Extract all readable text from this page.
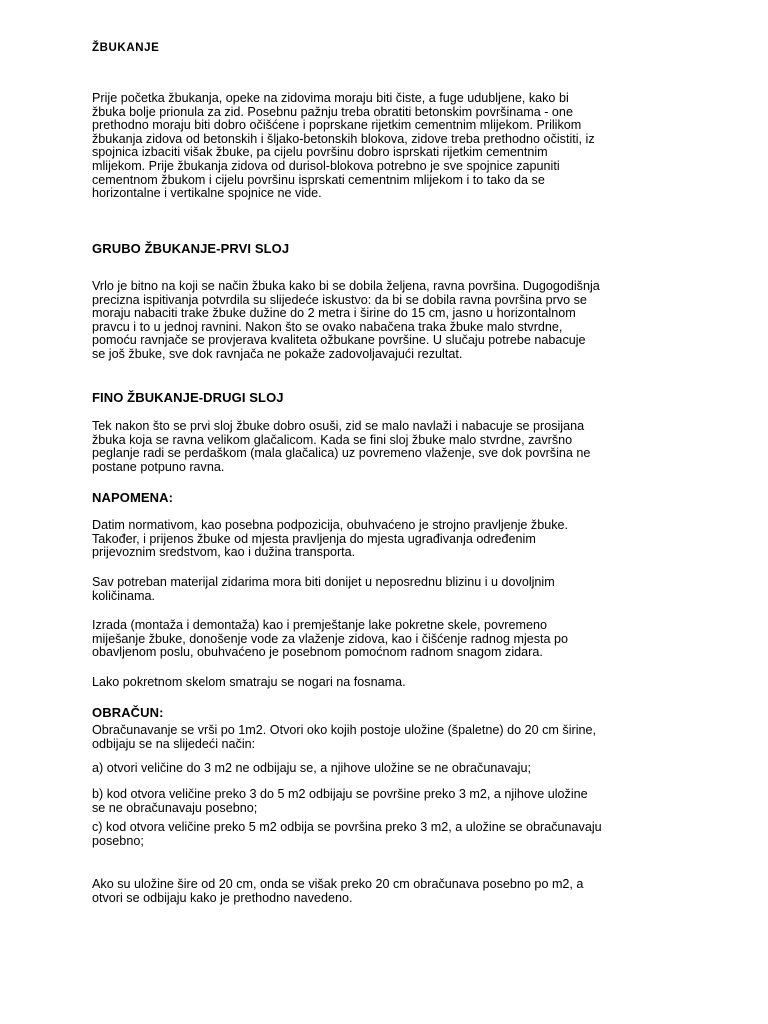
ŽBUKANJE

Prije početka žbukanja, opeke na zidovima moraju biti čiste, a fuge udubljene, kako bi
žbuka bolje prionula za zid. Posebnu pažnju treba obratiti betonskim površinama - one
prethodno moraju biti dobro očišćene i poprskane rijetkim cementnim mlijekom. Prilikom
žbukanja zidova od betonskih i šljako-betonskih blokova, zidove treba prethodno očistiti, iz
spojnica izbaciti višak žbuke, pa cijelu površinu dobro isprskati rijetkim cementnim
mlijekom. Prije žbukanja zidova od durisol-blokova potrebno je sve spojnice zapuniti
cementnom žbukom i cijelu površinu isprskati cementnim mlijekom i to tako da se
horizontalne i vertikalne spojnice ne vide.

GRUBO ŽBUKANJE-PRVI SLOJ

Vrlo je bitno na koji se način žbuka kako bi se dobila željena, ravna površina. Dugogodišnja
precizna ispitivanja potvrdila su slijedeće iskustvo: da bi se dobila ravna površina prvo se
moraju nabaciti trake žbuke dužine do 2 metra i širine do 15 cm, jasno u horizontalnom
pravcu i to u jednoj ravnini. Nakon što se ovako nabačena traka žbuke malo stvrdne,
pomoću ravnjače se provjerava kvaliteta ožbukane površine. U slučaju potrebe nabacuje
se još žbuke, sve dok ravnjača ne pokaže zadovoljavajući rezultat.

FINO ŽBUKANJE-DRUGI SLOJ

Tek nakon što se prvi sloj žbuke dobro osuši, zid se malo navlaži i nabacuje se prosijana
žbuka koja se ravna velikom glačalicom. Kada se fini sloj žbuke malo stvrdne, završno
peglanje radi se perdaškom (mala glačalica) uz povremeno vlaženje, sve dok površina ne
postane potpuno ravna.

NAPOMENA:

Datim normativom, kao posebna podpozicija, obuhvaćeno je strojno pravljenje žbuke.
Također, i prijenos žbuke od mjesta pravljenja do mjesta ugrađivanja određenim
prijevoznim sredstvom, kao i dužina transporta.

Sav potreban materijal zidarima mora biti donijet u neposrednu blizinu i u dovoljnim
količinama.

Izrada (montaža i demontaža) kao i premještanje lake pokretne skele, povremeno
miješanje žbuke, donošenje vode za vlaženje zidova, kao i čišćenje radnog mjesta po
obavljenom poslu, obuhvaćeno je posebnom pomoćnom radnom snagom zidara.

Lako pokretnom skelom smatraju se nogari na fosnama.

OBRAČUN:

Obračunavanje se vrši po 1m2. Otvori oko kojih postoje uložine (špaletne) do 20 cm širine,
odbijaju se na slijedeći način:

a) otvori veličine do 3 m2 ne odbijaju se, a njihove uložine se ne obračunavaju;

b) kod otvora veličine preko 3 do 5 m2 odbijaju se površine preko 3 m2, a njihove uložine
se ne obračunavaju posebno;

c) kod otvora veličine preko 5 m2 odbija se površina preko 3 m2, a uložine se obračunavaju
posebno;

Ako su uložine šire od 20 cm, onda se višak preko 20 cm obračunava posebno po m2, a
otvori se odbijaju kako je prethodno navedeno.
